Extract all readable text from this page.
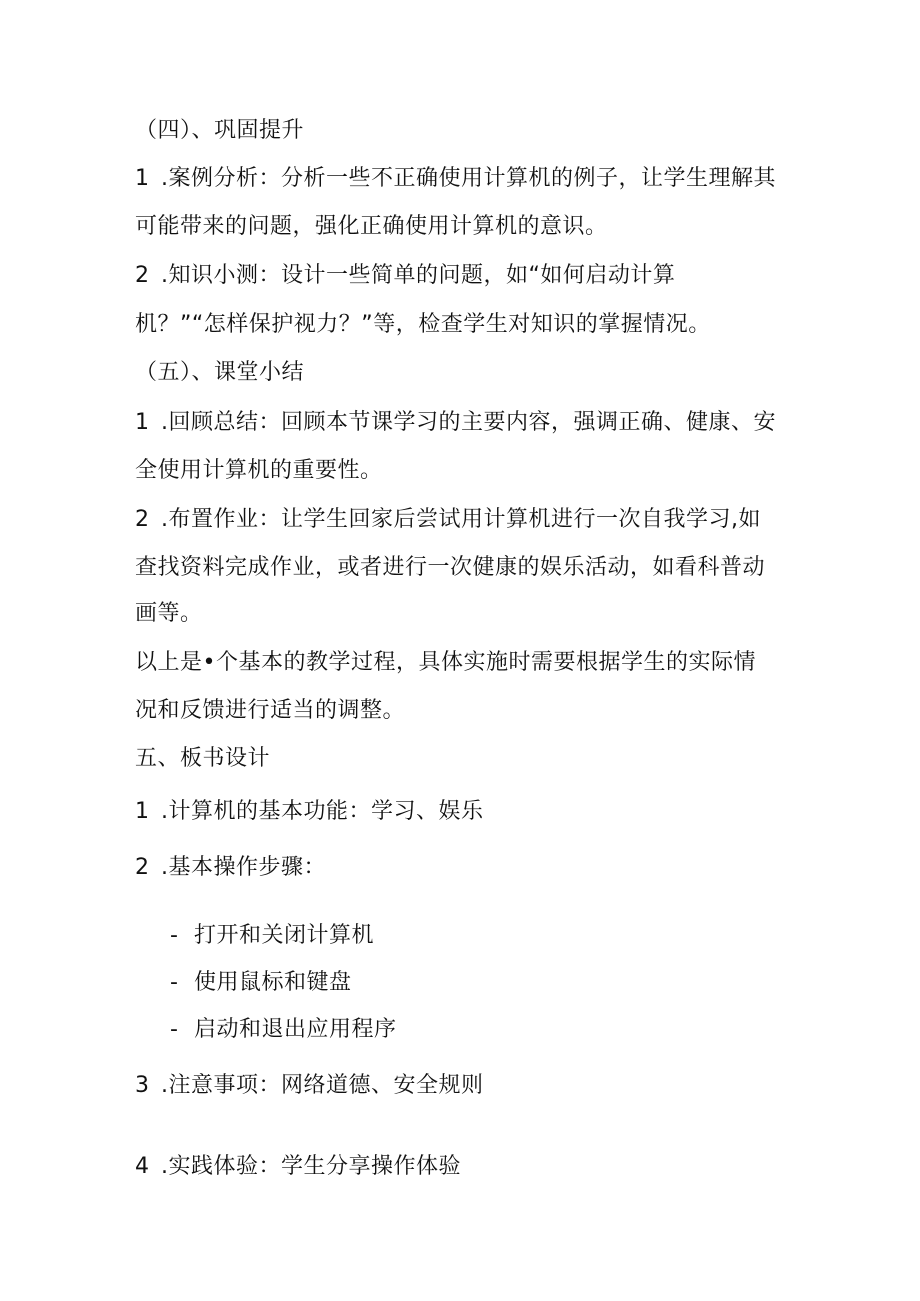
（四）、巩固提升
1 .案例分析：分析一些不正确使用计算机的例子，让学生理解其
可能带来的问题，强化正确使用计算机的意识。
2 .知识小测：设计一些简单的问题，如“如何启动计算
机？”“怎样保护视力？”等，检查学生对知识的掌握情况。
（五）、课堂小结
1 .回顾总结：回顾本节课学习的主要内容，强调正确、健康、安
全使用计算机的重要性。
2 .布置作业：让学生回家后尝试用计算机进行一次自我学习,如
查找资料完成作业，或者进行一次健康的娱乐活动，如看科普动
画等。
以上是•个基本的教学过程，具体实施时需要根据学生的实际情
况和反馈进行适当的调整。
五、板书设计
1 .计算机的基本功能：学习、娱乐
2 .基本操作步骤：
- 打开和关闭计算机
- 使用鼠标和键盘
- 启动和退出应用程序
3 .注意事项：网络道德、安全规则
4 .实践体验：学生分享操作体验
